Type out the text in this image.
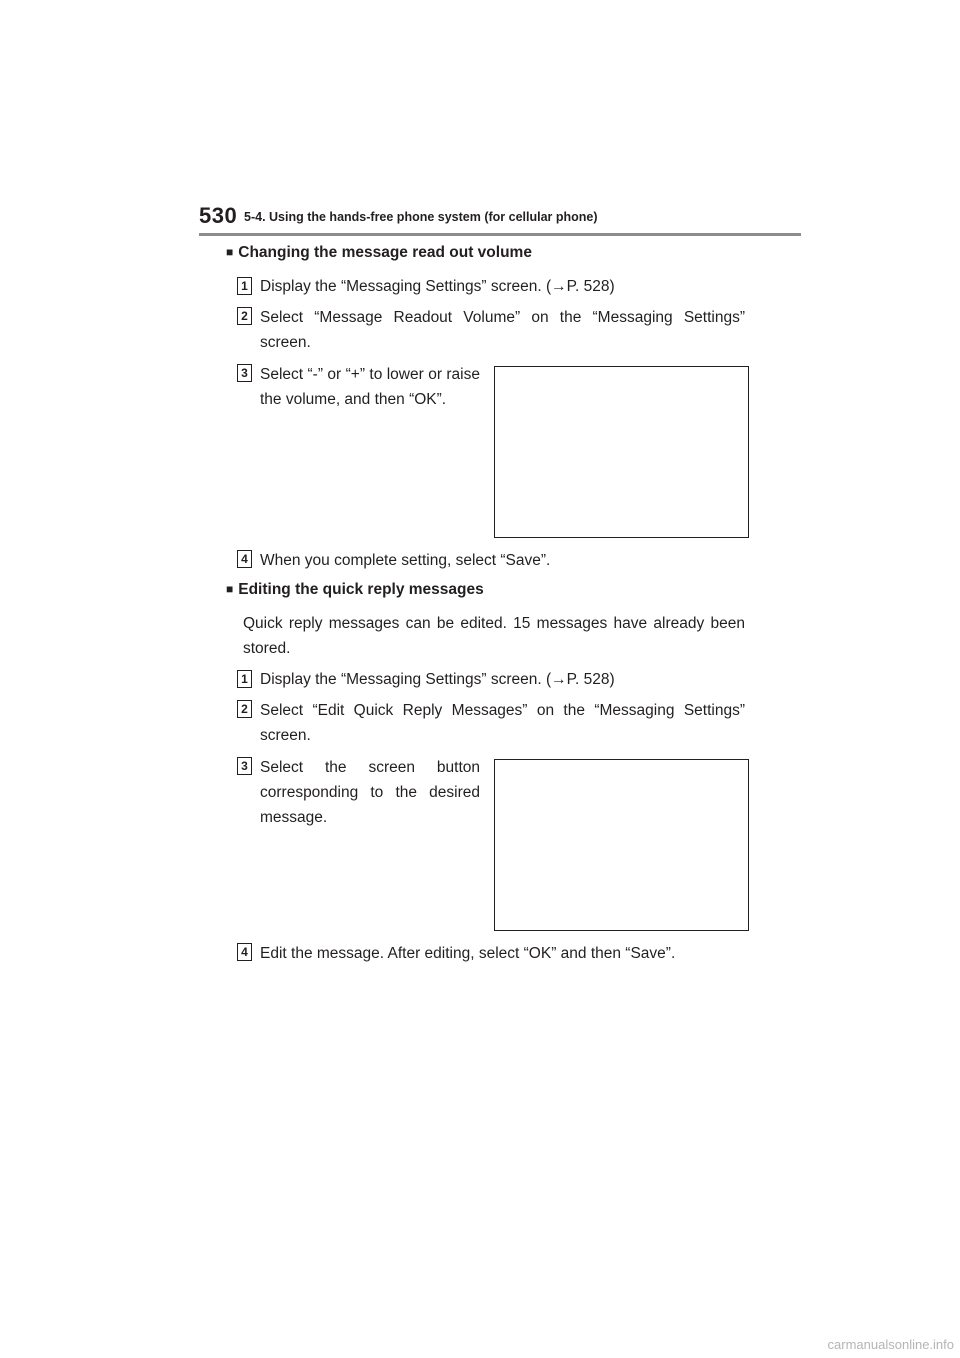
530 5-4. Using the hands-free phone system (for cellular phone)
■ Changing the message read out volume
1 Display the “Messaging Settings” screen. (→P. 528)
2 Select “Message Readout Volume” on the “Messaging Settings” screen.
3 Select “-” or “+” to lower or raise the volume, and then “OK”.
4 When you complete setting, select “Save”.
■ Editing the quick reply messages
Quick reply messages can be edited. 15 messages have already been stored.
1 Display the “Messaging Settings” screen. (→P. 528)
2 Select “Edit Quick Reply Messages” on the “Messaging Settings” screen.
3 Select the screen button corresponding to the desired message.
4 Edit the message. After editing, select “OK” and then “Save”.
carmanualsonline.info
